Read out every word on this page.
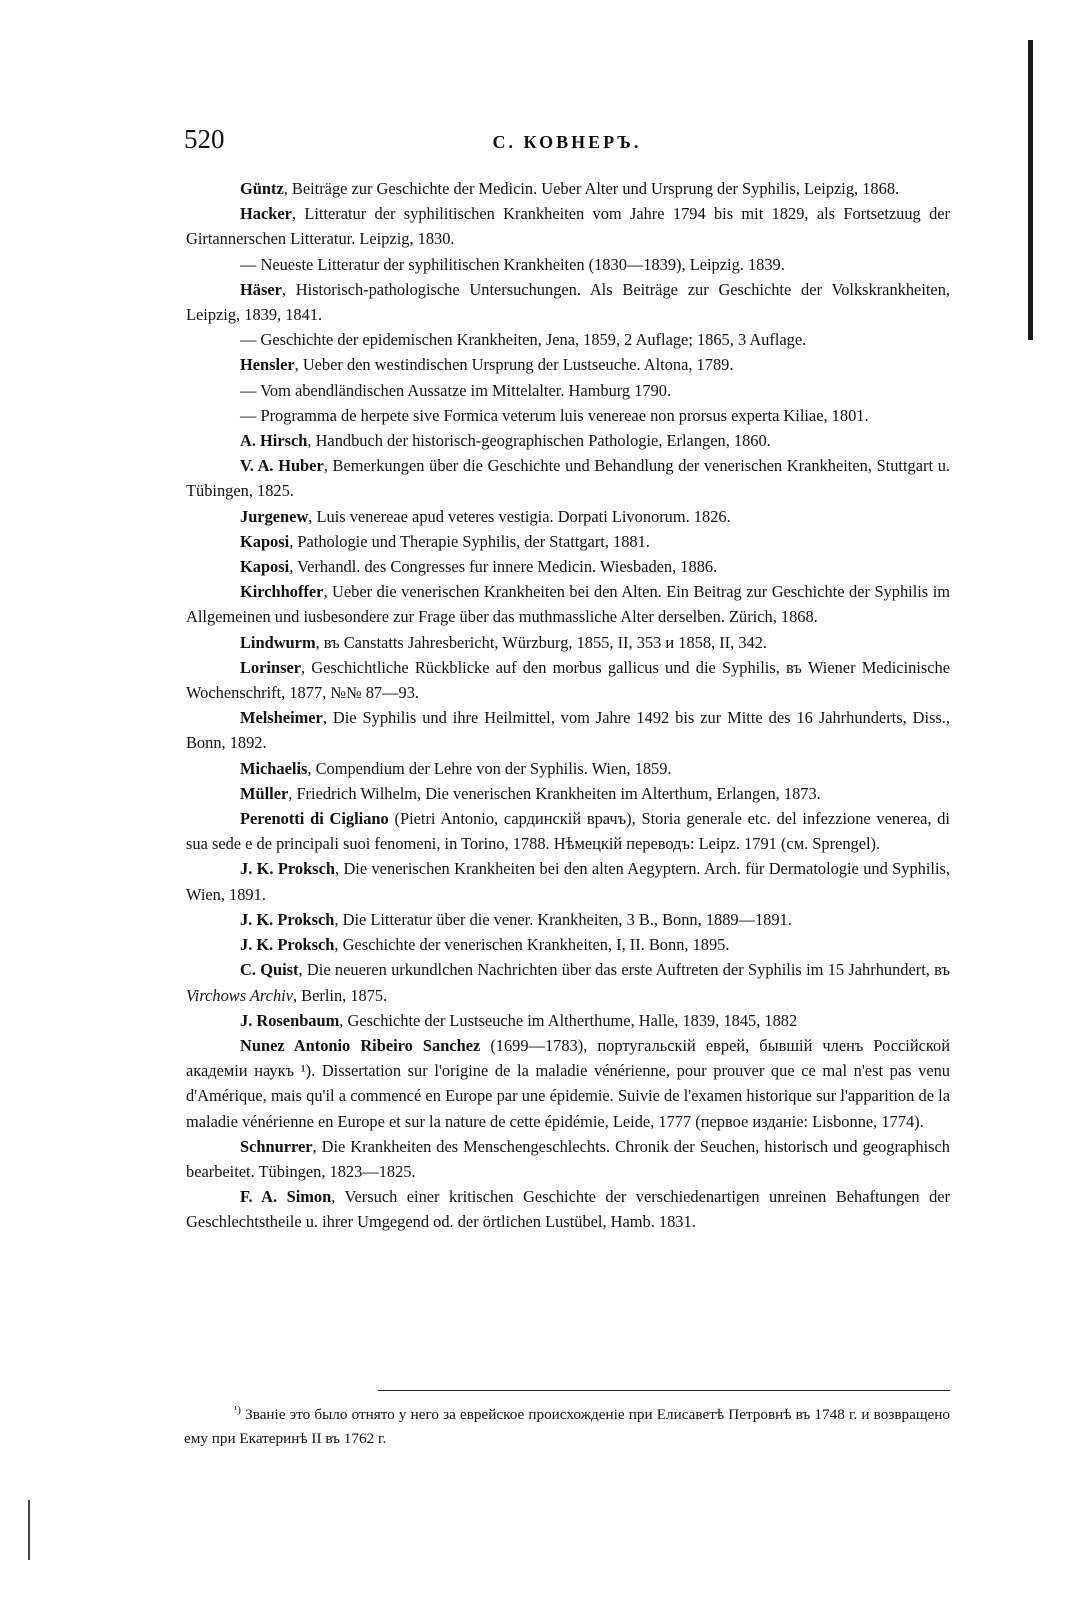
520	С. КОВНЕРЪ.

Güntz, Beiträge zur Geschichte der Medicin. Ueber Alter und Ursprung der Syphilis, Leipzig, 1868.

Hacker, Litteratur der syphilitischen Krankheiten vom Jahre 1794 bis mit 1829, als Fortsetzuug der Girtannerschen Litteratur. Leipzig, 1830.

— Neueste Litteratur der syphilitischen Krankheiten (1830—1839), Leipzig. 1839.

Häser, Historisch-pathologische Untersuchungen. Als Beiträge zur Geschichte der Volkskrankheiten, Leipzig, 1839, 1841.

— Geschichte der epidemischen Krankheiten, Jena, 1859, 2 Auflage; 1865, 3 Auflage.

Hensler, Ueber den westindischen Ursprung der Lustseuche. Altona, 1789.

— Vom abendländischen Aussatze im Mittelalter. Hamburg 1790.

— Programma de herpete sive Formica veterum luis venereae non prorsus experta Kiliae, 1801.

A. Hirsch, Handbuch der historisch-geographischen Pathologie, Erlangen, 1860.

V. A. Huber, Bemerkungen über die Geschichte und Behandlung der venerischen Krankheiten, Stuttgart u. Tübingen, 1825.

Jurgenew, Luis venereae apud veteres vestigia. Dorpati Livonorum. 1826.

Kaposi, Pathologie und Therapie Syphilis, der Stattgart, 1881.

Kaposi, Verhandl. des Congresses fur innere Medicin. Wiesbaden, 1886.

Kirchhoffer, Ueber die venerischen Krankheiten bei den Alten. Ein Beitrag zur Geschichte der Syphilis im Allgemeinen und iusbesondere zur Frage über das muthmassliche Alter derselben. Zürich, 1868.

Lindwurm, въ Canstatts Jahresbericht, Würzburg, 1855, II, 353 и 1858, II, 342.

Lorinser, Geschichtliche Rückblicke auf den morbus gallicus und die Syphilis, въ Wiener Medicinische Wochenschrift, 1877, №№ 87—93.

Melsheimer, Die Syphilis und ihre Heilmittel, vom Jahre 1492 bis zur Mitte des 16 Jahrhunderts, Diss., Bonn, 1892.

Michaelis, Compendium der Lehre von der Syphilis. Wien, 1859.

Müller, Friedrich Wilhelm, Die venerischen Krankheiten im Alterthum, Erlangen, 1873.

Perenotti di Cigliano (Pietri Antonio, сардинскій врачъ), Storia generale etc. del infezzione venerea, di sua sede e de principali suoi fenomeni, in Torino, 1788. Нѣмецкій переводъ: Leipz. 1791 (см. Sprengel).

J. K. Proksch, Die venerischen Krankheiten bei den alten Aegyptern. Arch. für Dermatologie und Syphilis, Wien, 1891.

J. K. Proksch, Die Litteratur über die vener. Krankheiten, 3 B., Bonn, 1889—1891.

J. K. Proksch, Geschichte der venerischen Krankheiten, I, II. Bonn, 1895.

C. Quist, Die neueren urkundlchen Nachrichten über das erste Auftreten der Syphilis im 15 Jahrhundert, въ Virchows Archiv, Berlin, 1875.

J. Rosenbaum, Geschichte der Lustseuche im Altherthume, Halle, 1839, 1845, 1882

Nunez Antonio Ribeiro Sanchez (1699—1783), португальскій еврей, бывшій членъ Россійской академіи наукъ ¹). Dissertation sur l'origine de la maladie vénérienne, pour prouver que ce mal n'est pas venu d'Amérique, mais qu'il a commencé en Europe par une épidemie. Suivie de l'examen historique sur l'apparition de la maladie vénérienne en Europe et sur la nature de cette épidémie, Leide, 1777 (первое изданіе: Lisbonne, 1774).

Schnurrer, Die Krankheiten des Menschengeschlechts. Chronik der Seuchen, historisch und geographisch bearbeitet. Tübingen, 1823—1825.

F. A. Simon, Versuch einer kritischen Geschichte der verschiedenartigen unreinen Behaftungen der Geschlechtstheile u. ihrer Umgegend od. der örtlichen Lustübel, Hamb. 1831.

$^{^1)}$ Званіе это было отнято у него за еврейское происхожденіе при Елисаветѣ Петровнѣ въ 1748 г. и возвращено ему при Екатеринѣ II въ 1762 г.
